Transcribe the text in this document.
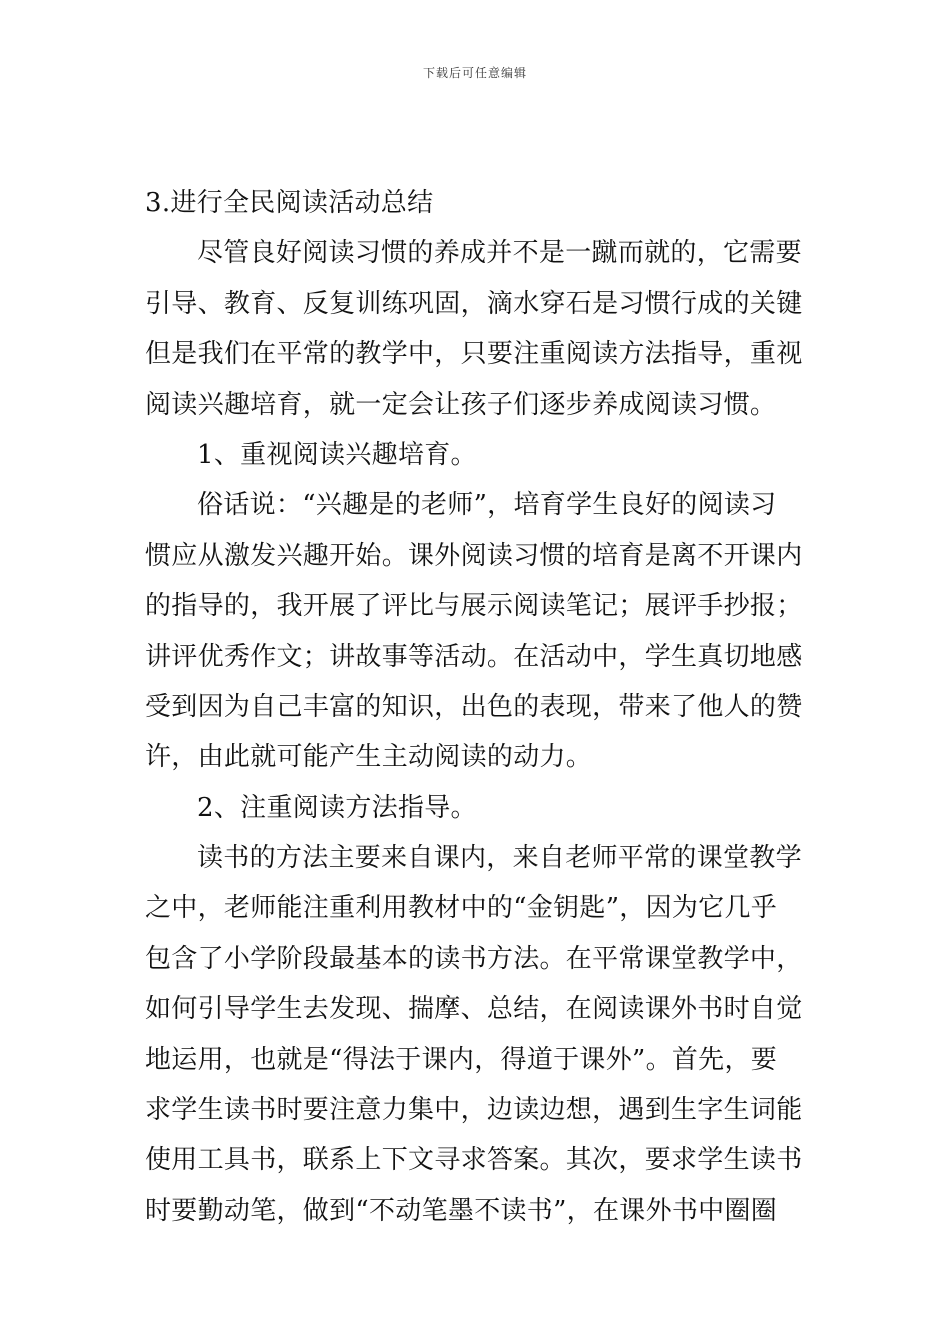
下载后可任意编辑
3.进行全民阅读活动总结
尽管良好阅读习惯的养成并不是一蹴而就的，它需要
引导、教育、反复训练巩固，滴水穿石是习惯行成的关键
但是我们在平常的教学中，只要注重阅读方法指导，重视
阅读兴趣培育，就一定会让孩子们逐步养成阅读习惯。
1、重视阅读兴趣培育。
俗话说：“兴趣是的老师”，培育学生良好的阅读习
惯应从激发兴趣开始。课外阅读习惯的培育是离不开课内
的指导的，我开展了评比与展示阅读笔记；展评手抄报；
讲评优秀作文；讲故事等活动。在活动中，学生真切地感
受到因为自己丰富的知识，出色的表现，带来了他人的赞
许，由此就可能产生主动阅读的动力。
2、注重阅读方法指导。
读书的方法主要来自课内，来自老师平常的课堂教学
之中，老师能注重利用教材中的“金钥匙”，因为它几乎
包含了小学阶段最基本的读书方法。在平常课堂教学中，
如何引导学生去发现、揣摩、总结，在阅读课外书时自觉
地运用，也就是“得法于课内，得道于课外”。首先，要
求学生读书时要注意力集中，边读边想，遇到生字生词能
使用工具书，联系上下文寻求答案。其次，要求学生读书
时要勤动笔，做到“不动笔墨不读书”，在课外书中圈圈
